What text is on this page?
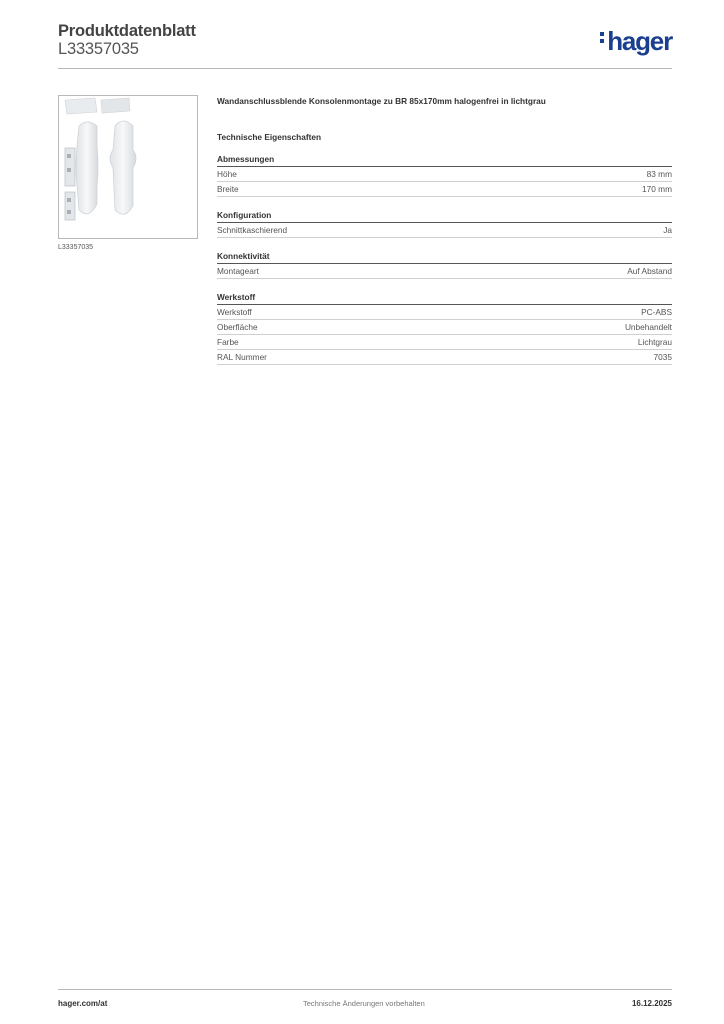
Produktdatenblatt
L33357035	hager
L33357035
Wandanschlussblende Konsolenmontage zu BR 85x170mm halogenfrei in lichtgrau
Technische Eigenschaften
Abmessungen
Höhe	83 mm
Breite	170 mm
Konfiguration
Schnittkaschierend	Ja
Konnektivität
Montageart	Auf Abstand
Werkstoff
Werkstoff	PC-ABS
Oberfläche	Unbehandelt
Farbe	Lichtgrau
RAL Nummer	7035
hager.com/at	Technische Änderungen vorbehalten	16.12.2025
